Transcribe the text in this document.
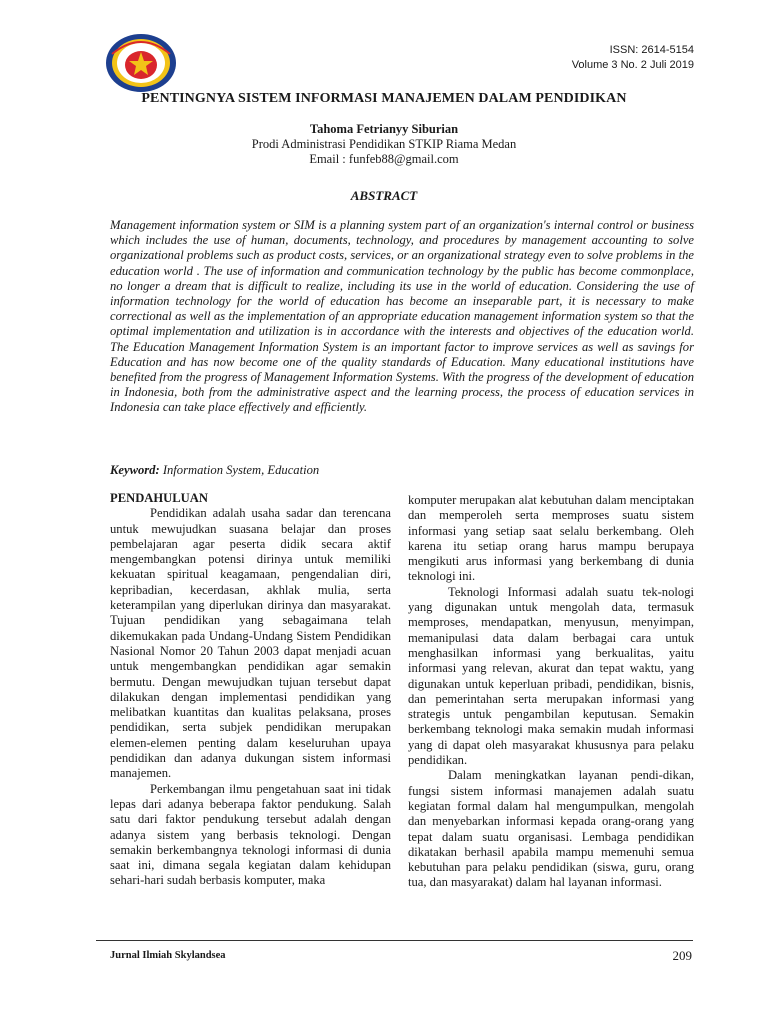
ISSN: 2614-5154
Volume 3 No. 2 Juli 2019
PENTINGNYA SISTEM INFORMASI MANAJEMEN DALAM PENDIDIKAN
Tahoma Fetrianyy Siburian
Prodi Administrasi Pendidikan STKIP Riama Medan
Email : funfeb88@gmail.com
ABSTRACT

Management information system or SIM is a planning system part of an organization's internal control or business which includes the use of human, documents, technology, and procedures by management accounting to solve organizational problems such as product costs, services, or an organizational strategy even to solve problems in the education world . The use of information and communication technology by the public has become commonplace, no longer a dream that is difficult to realize, including its use in the world of education. Considering the use of information technology for the world of education has become an inseparable part, it is necessary to make correctional as well as the implementation of an appropriate education management information system so that the optimal implementation and utilization is in accordance with the interests and objectives of the education world. The Education Management Information System is an important factor to improve services as well as savings for Education and has now become one of the quality standards of Education. Many educational institutions have benefited from the progress of Management Information Systems. With the progress of the development of education in Indonesia, both from the administrative aspect and the learning process, the process of education services in Indonesia can take place effectively and efficiently.

Keyword: Information System, Education

PENDAHULUAN

Pendidikan adalah usaha sadar dan terencana untuk mewujudkan suasana belajar dan proses pembelajaran agar peserta didik secara aktif mengembangkan potensi dirinya untuk memiliki kekuatan spiritual keagamaan, pengendalian diri, kepribadian, kecerdasan, akhlak mulia, serta keterampilan yang diperlukan dirinya dan masyarakat. Tujuan pendidikan yang sebagaimana telah dikemukakan pada Undang-Undang Sistem Pendidikan Nasional Nomor 20 Tahun 2003 dapat menjadi acuan untuk mengembangkan pendidikan agar semakin bermutu. Dengan mewujudkan tujuan tersebut dapat dilakukan dengan implementasi pendidikan yang melibatkan kuantitas dan kualitas pelaksana, proses pendidikan, serta subjek pendidikan merupakan elemen-elemen penting dalam keseluruhan upaya pendidikan dan adanya dukungan sistem informasi manajemen.

Perkembangan ilmu pengetahuan saat ini tidak lepas dari adanya beberapa faktor pendukung. Salah satu dari faktor pendukung tersebut adalah dengan adanya sistem yang berbasis teknologi. Dengan semakin berkembangnya teknologi informasi di dunia saat ini, dimana segala kegiatan dalam kehidupan sehari-hari sudah berbasis komputer, maka

komputer merupakan alat kebutuhan dalam menciptakan dan memperoleh serta memproses suatu sistem informasi yang setiap saat selalu berkembang. Oleh karena itu setiap orang harus mampu berupaya mengikuti arus informasi yang berkembang di dunia teknologi ini.

Teknologi Informasi adalah suatu tek-nologi yang digunakan untuk mengolah data, termasuk memproses, mendapatkan, menyusun, menyimpan, memanipulasi data dalam berbagai cara untuk menghasilkan informasi yang berkualitas, yaitu informasi yang relevan, akurat dan tepat waktu, yang digunakan untuk keperluan pribadi, pendidikan, bisnis, dan pemerintahan serta merupakan informasi yang strategis untuk pengambilan keputusan. Semakin berkembang teknologi maka semakin mudah informasi yang di dapat oleh masyarakat khususnya para pelaku pendidikan.

Dalam meningkatkan layanan pendi-dikan, fungsi sistem informasi manajemen adalah suatu kegiatan formal dalam hal mengumpulkan, mengolah dan menyebarkan informasi kepada orang-orang yang tepat dalam suatu organisasi. Lembaga pendidikan dikatakan berhasil apabila mampu memenuhi semua kebutuhan para pelaku pendidikan (siswa, guru, orang tua, dan masyarakat) dalam hal layanan informasi.

Jurnal Ilmiah Skylandsea	209
